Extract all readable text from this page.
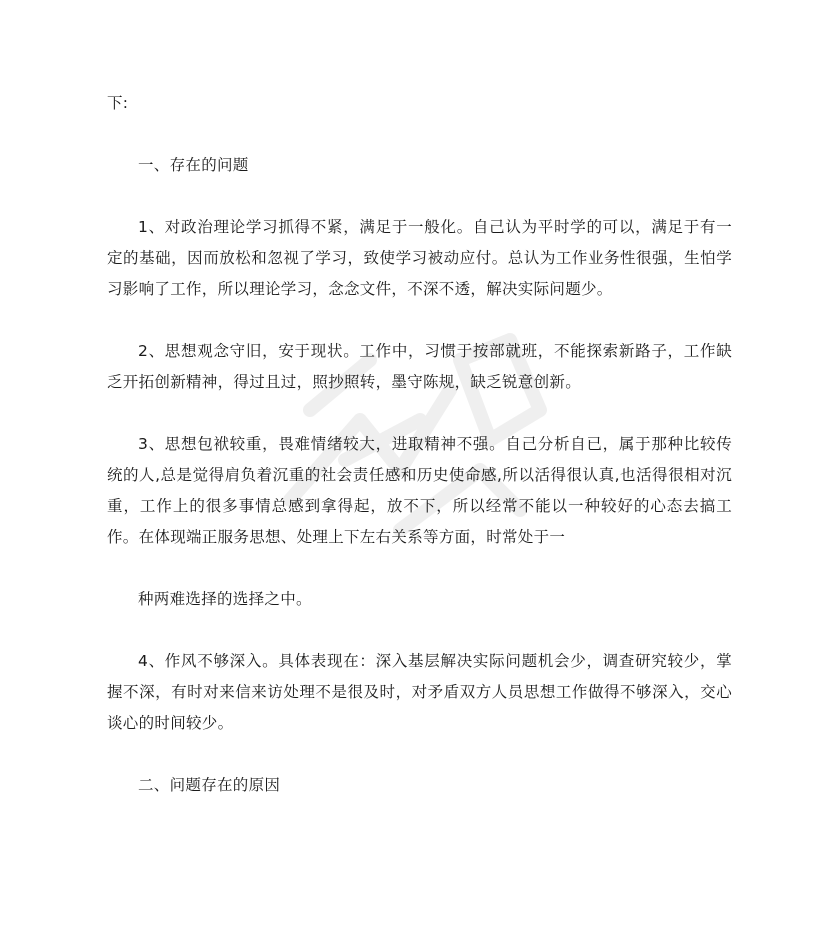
下:

一、存在的问题

1、对政治理论学习抓得不紧，满足于一般化。自己认为平时学的可以，满足于有一定的基础，因而放松和忽视了学习，致使学习被动应付。总认为工作业务性很强，生怕学习影响了工作，所以理论学习，念念文件，不深不透，解决实际问题少。

2、思想观念守旧，安于现状。工作中，习惯于按部就班，不能探索新路子，工作缺乏开拓创新精神，得过且过，照抄照转，墨守陈规，缺乏锐意创新。

3、思想包袱较重，畏难情绪较大，进取精神不强。自己分析自已，属于那种比较传统的人,总是觉得肩负着沉重的社会责任感和历史使命感,所以活得很认真,也活得很相对沉重，工作上的很多事情总感到拿得起，放不下，所以经常不能以一种较好的心态去搞工作。在体现端正服务思想、处理上下左右关系等方面，时常处于一

种两难选择的选择之中。

4、作风不够深入。具体表现在：深入基层解决实际问题机会少，调查研究较少，掌握不深，有时对来信来访处理不是很及时，对矛盾双方人员思想工作做得不够深入，交心谈心的时间较少。

二、问题存在的原因
